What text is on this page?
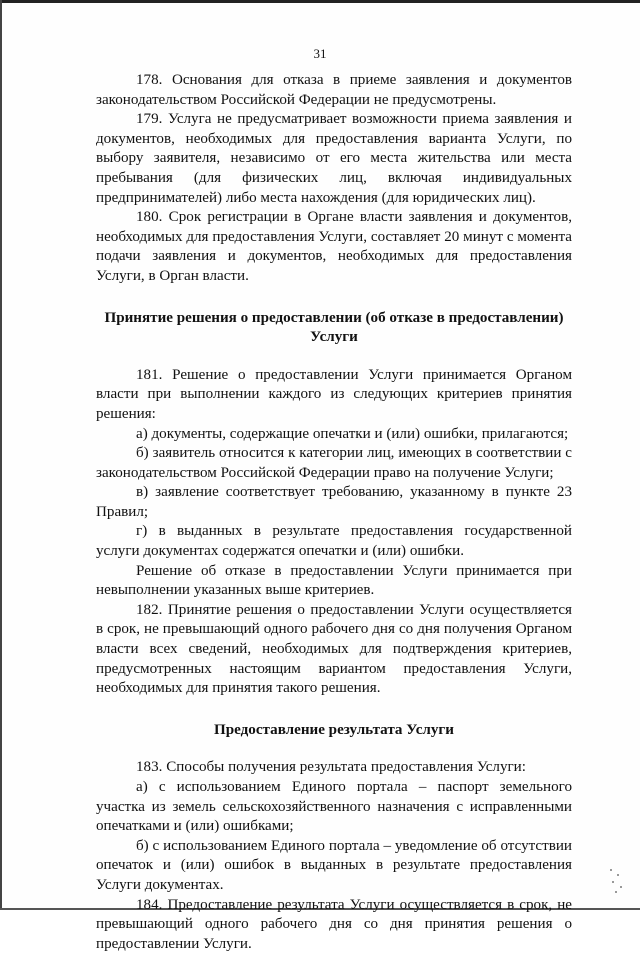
31

178. Основания для отказа в приеме заявления и документов законодательством Российской Федерации не предусмотрены.

179. Услуга не предусматривает возможности приема заявления и документов, необходимых для предоставления варианта Услуги, по выбору заявителя, независимо от его места жительства или места пребывания (для физических лиц, включая индивидуальных предпринимателей) либо места нахождения (для юридических лиц).

180. Срок регистрации в Органе власти заявления и документов, необходимых для предоставления Услуги, составляет 20 минут с момента подачи заявления и документов, необходимых для предоставления Услуги, в Орган власти.

Принятие решения о предоставлении (об отказе в предоставлении) Услуги

181. Решение о предоставлении Услуги принимается Органом власти при выполнении каждого из следующих критериев принятия решения:

а) документы, содержащие опечатки и (или) ошибки, прилагаются;

б) заявитель относится к категории лиц, имеющих в соответствии с законодательством Российской Федерации право на получение Услуги;

в) заявление соответствует требованию, указанному в пункте 23 Правил;

г) в выданных в результате предоставления государственной услуги документах содержатся опечатки и (или) ошибки.

Решение об отказе в предоставлении Услуги принимается при невыполнении указанных выше критериев.

182. Принятие решения о предоставлении Услуги осуществляется в срок, не превышающий одного рабочего дня со дня получения Органом власти всех сведений, необходимых для подтверждения критериев, предусмотренных настоящим вариантом предоставления Услуги, необходимых для принятия такого решения.

Предоставление результата Услуги

183. Способы получения результата предоставления Услуги:

а) с использованием Единого портала – паспорт земельного участка из земель сельскохозяйственного назначения с исправленными опечатками и (или) ошибками;

б) с использованием Единого портала – уведомление об отсутствии опечаток и (или) ошибок в выданных в результате предоставления Услуги документах.

184. Предоставление результата Услуги осуществляется в срок, не превышающий одного рабочего дня со дня принятия решения о предоставлении Услуги.
